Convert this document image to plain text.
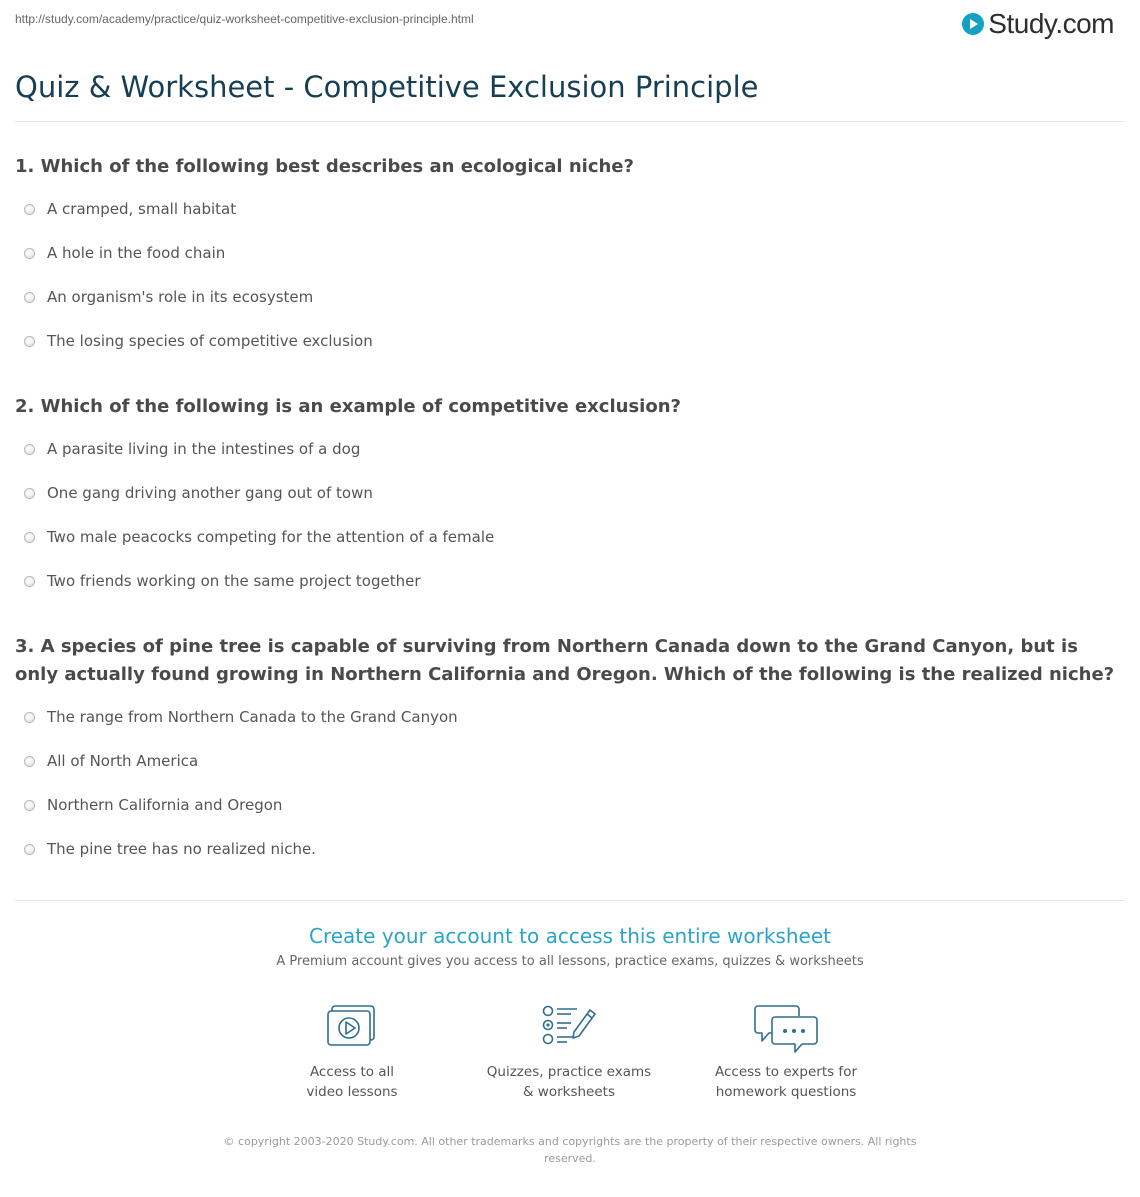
http://study.com/academy/practice/quiz-worksheet-competitive-exclusion-principle.html	Study.com
Quiz & Worksheet - Competitive Exclusion Principle
1. Which of the following best describes an ecological niche?
A cramped, small habitat
A hole in the food chain
An organism's role in its ecosystem
The losing species of competitive exclusion
2. Which of the following is an example of competitive exclusion?
A parasite living in the intestines of a dog
One gang driving another gang out of town
Two male peacocks competing for the attention of a female
Two friends working on the same project together
3. A species of pine tree is capable of surviving from Northern Canada down to the Grand Canyon, but is only actually found growing in Northern California and Oregon. Which of the following is the realized niche?
The range from Northern Canada to the Grand Canyon
All of North America
Northern California and Oregon
The pine tree has no realized niche.
Create your account to access this entire worksheet
A Premium account gives you access to all lessons, practice exams, quizzes & worksheets
Access to all
video lessons
Quizzes, practice exams
& worksheets
Access to experts for
homework questions
© copyright 2003-2020 Study.com. All other trademarks and copyrights are the property of their respective owners. All rights
reserved.
